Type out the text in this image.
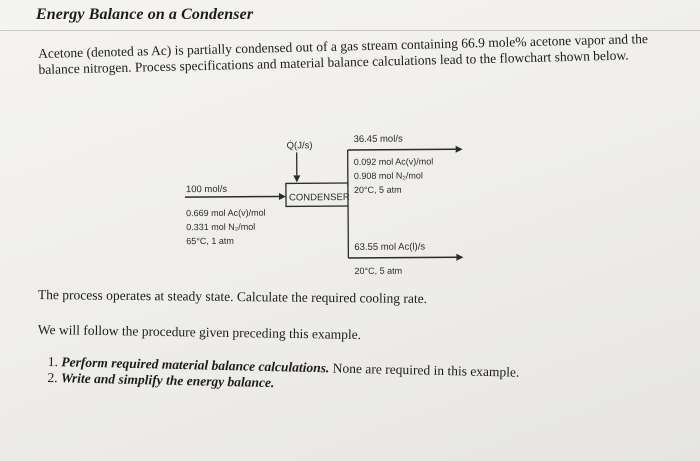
Energy Balance on a Condenser
Acetone (denoted as Ac) is partially condensed out of a gas stream containing 66.9 mole% acetone vapor and the balance nitrogen. Process specifications and material balance calculations lead to the flowchart shown below.
Q̇(J/s)
CONDENSER
100 mol/s
0.669 mol Ac(v)/mol
0.331 mol N₂/mol
65°C, 1 atm
36.45 mol/s
0.092 mol Ac(v)/mol
0.908 mol N₂/mol
20°C, 5 atm
63.55 mol Ac(l)/s
20°C, 5 atm
The process operates at steady state. Calculate the required cooling rate.
We will follow the procedure given preceding this example.
1. Perform required material balance calculations. None are required in this example.
2. Write and simplify the energy balance.
